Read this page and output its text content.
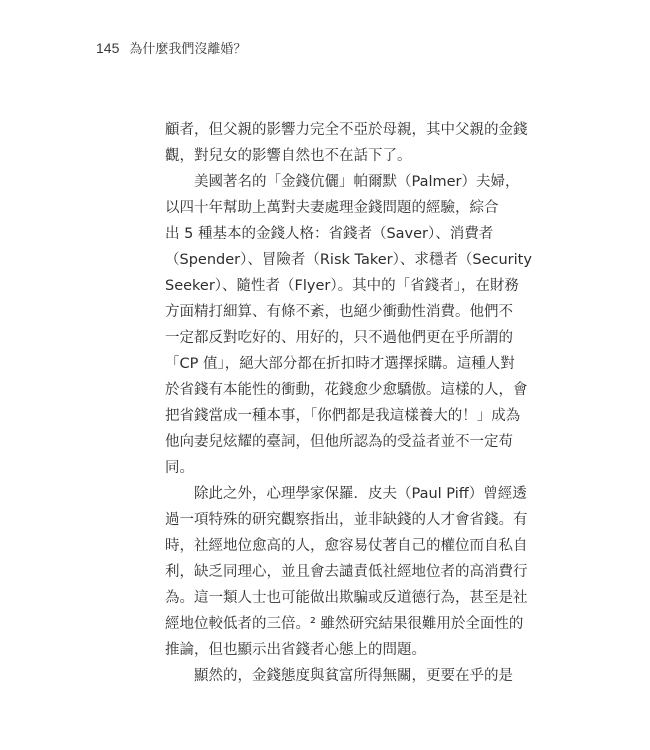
145 為什麼我們沒離婚？
顧者，但父親的影響力完全不亞於母親，其中父親的金錢
觀，對兒女的影響自然也不在話下了。
美國著名的「金錢伉儷」帕爾默（Palmer）夫婦，
以四十年幫助上萬對夫妻處理金錢問題的經驗，綜合
出 5 種基本的金錢人格：省錢者（Saver）、消費者
（Spender）、冒險者（Risk Taker）、求穩者（Security
Seeker）、隨性者（Flyer）。其中的「省錢者」，在財務
方面精打細算、有條不紊，也絕少衝動性消費。他們不
一定都反對吃好的、用好的，只不過他們更在乎所謂的
「CP 值」，絕大部分都在折扣時才選擇採購。這種人對
於省錢有本能性的衝動，花錢愈少愈驕傲。這樣的人，會
把省錢當成一種本事，「你們都是我這樣養大的！」成為
他向妻兒炫耀的臺詞，但他所認為的受益者並不一定苟
同。
除此之外，心理學家保羅．皮夫（Paul Piff）曾經透
過一項特殊的研究觀察指出，並非缺錢的人才會省錢。有
時，社經地位愈高的人，愈容易仗著自己的權位而自私自
利，缺乏同理心，並且會去譴責低社經地位者的高消費行
為。這一類人士也可能做出欺騙或反道德行為，甚至是社
經地位較低者的三倍。² 雖然研究結果很難用於全面性的
推論，但也顯示出省錢者心態上的問題。
顯然的，金錢態度與貧富所得無關，更要在乎的是
